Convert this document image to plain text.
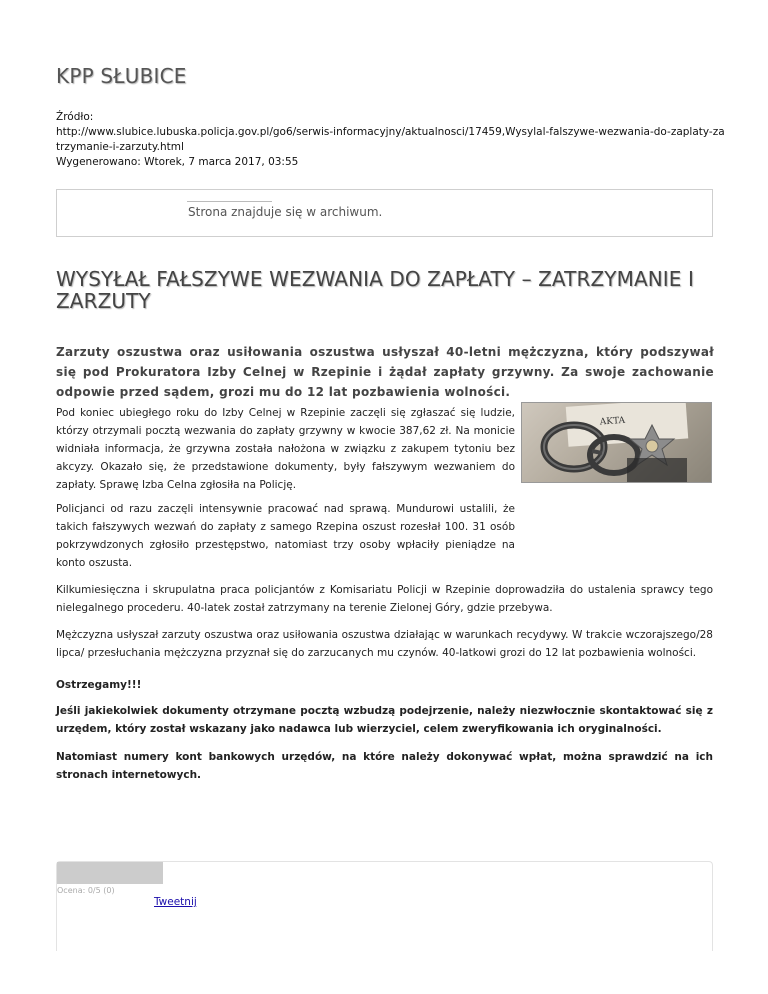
KPP SŁUBICE
Źródło:
http://www.slubice.lubuska.policja.gov.pl/go6/serwis-informacyjny/aktualnosci/17459,Wysylal-falszywe-wezwania-do-zaplaty-zatrzymanie-i-zarzuty.html
Wygenerowano: Wtorek, 7 marca 2017, 03:55
Strona znajduje się w archiwum.
WYSYŁAŁ FAŁSZYWE WEZWANIA DO ZAPŁATY – ZATRZYMANIE I ZARZUTY
Zarzuty oszustwa oraz usiłowania oszustwa usłyszał 40-letni mężczyzna, który podszywał się pod Prokuratora Izby Celnej w Rzepinie i żądał zapłaty grzywny. Za swoje zachowanie odpowie przed sądem, grozi mu do 12 lat pozbawienia wolności.
AKTA
Pod koniec ubiegłego roku do Izby Celnej w Rzepinie zaczęli się zgłaszać się ludzie, którzy otrzymali pocztą wezwania do zapłaty grzywny w kwocie 387,62 zł. Na monicie widniała informacja, że grzywna została nałożona w związku z zakupem tytoniu bez akcyzy. Okazało się, że przedstawione dokumenty, były fałszywym wezwaniem do zapłaty. Sprawę Izba Celna zgłosiła na Policję.
Policjanci od razu zaczęli intensywnie pracować nad sprawą. Mundurowi ustalili, że takich fałszywych wezwań do zapłaty z samego Rzepina oszust rozesłał 100. 31 osób pokrzywdzonych zgłosiło przestępstwo, natomiast trzy osoby wpłaciły pieniądze na konto oszusta.
Kilkumiesięczna i skrupulatna praca policjantów z Komisariatu Policji w Rzepinie doprowadziła do ustalenia sprawcy tego nielegalnego procederu. 40-latek został zatrzymany na terenie Zielonej Góry, gdzie przebywa.
Mężczyzna usłyszał zarzuty oszustwa oraz usiłowania oszustwa działając w warunkach recydywy. W trakcie wczorajszego/28 lipca/ przesłuchania mężczyzna przyznał się do zarzucanych mu czynów. 40-latkowi grozi do 12 lat pozbawienia wolności.
Ostrzegamy!!!
Jeśli jakiekolwiek dokumenty otrzymane pocztą wzbudzą podejrzenie, należy niezwłocznie skontaktować się z urzędem, który został wskazany jako nadawca lub wierzyciel, celem zweryfikowania ich oryginalności.
Natomiast numery kont bankowych urzędów, na które należy dokonywać wpłat, można sprawdzić na ich stronach internetowych.
Ocena: 0/5 (0)
Tweetnij
